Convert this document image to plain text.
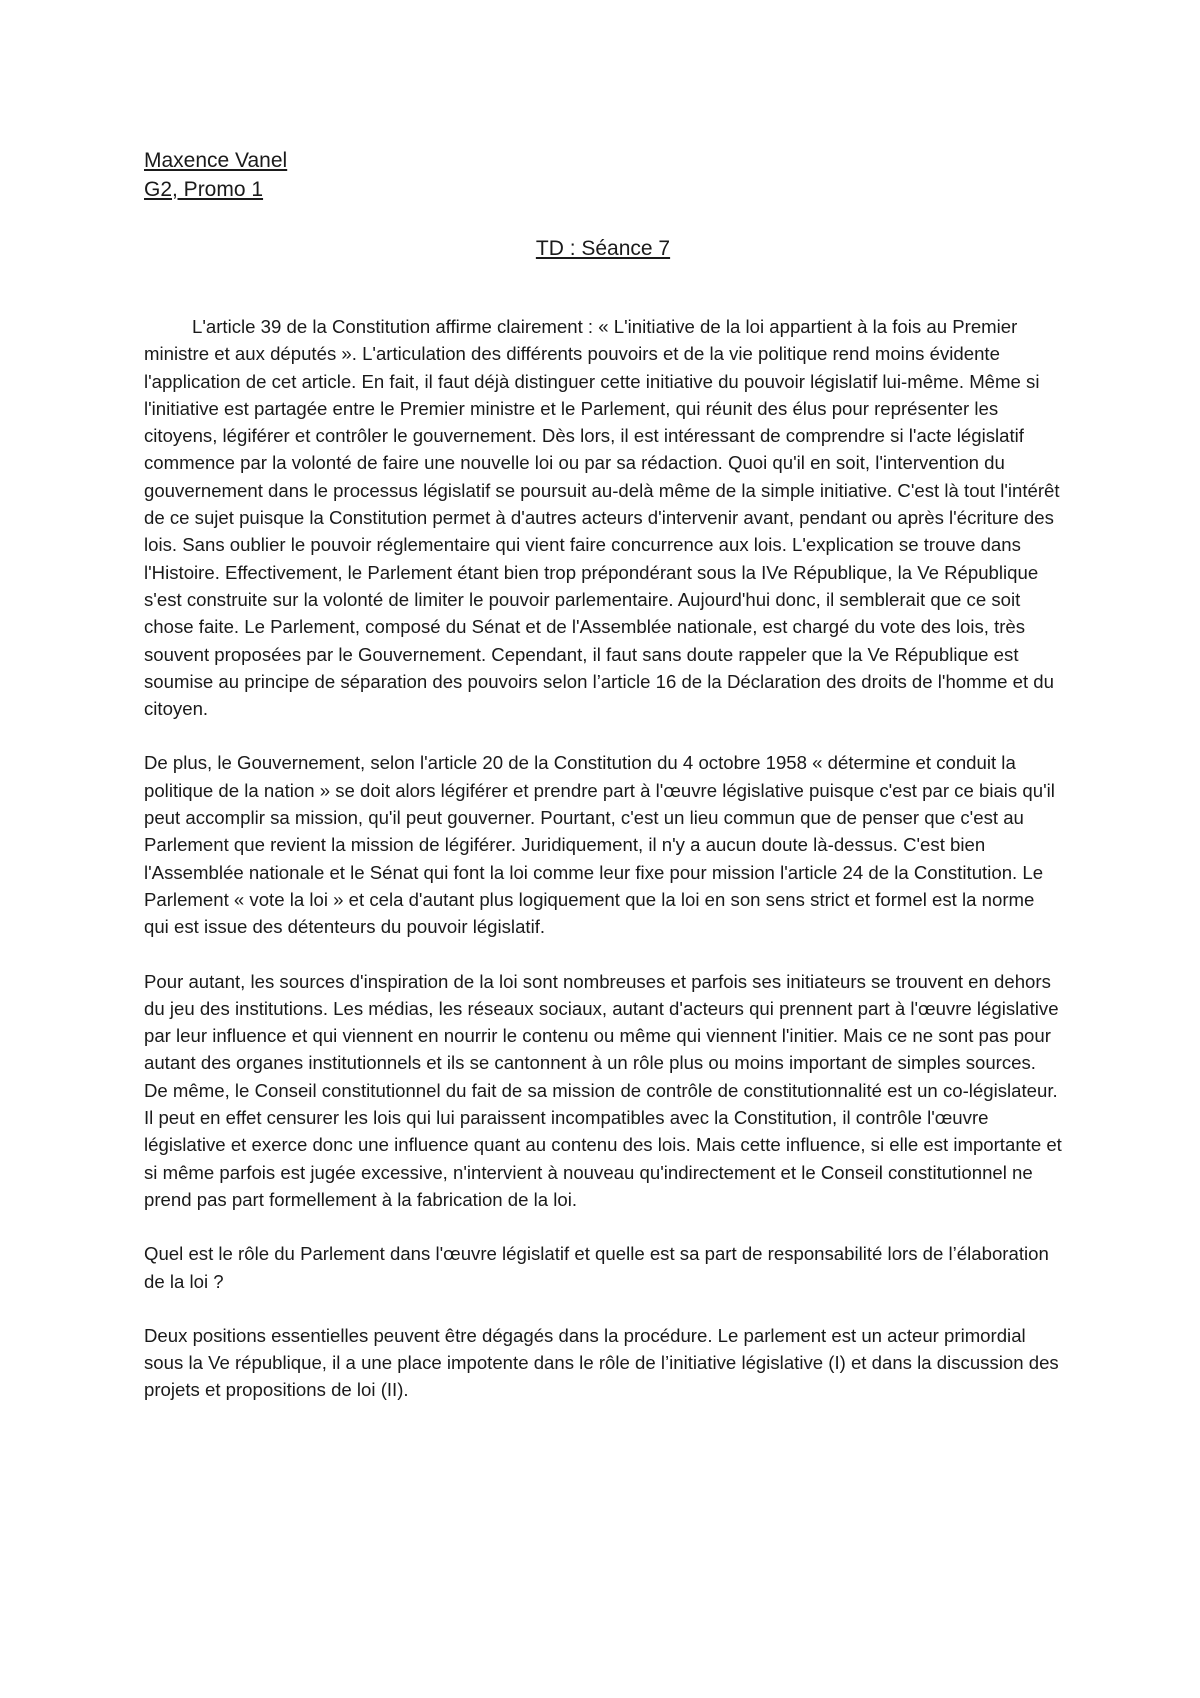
Maxence Vanel

G2, Promo 1

TD : Séance 7

L'article 39 de la Constitution affirme clairement : « L'initiative de la loi appartient à la fois au Premier ministre et aux députés ». L'articulation des différents pouvoirs et de la vie politique rend moins évidente l'application de cet article. En fait, il faut déjà distinguer cette initiative du pouvoir législatif lui-même. Même si l'initiative est partagée entre le Premier ministre et le Parlement, qui réunit des élus pour représenter les citoyens, légiférer et contrôler le gouvernement. Dès lors, il est intéressant de comprendre si l'acte législatif commence par la volonté de faire une nouvelle loi ou par sa rédaction. Quoi qu'il en soit, l'intervention du gouvernement dans le processus législatif se poursuit au-delà même de la simple initiative. C'est là tout l'intérêt de ce sujet puisque la Constitution permet à d'autres acteurs d'intervenir avant, pendant ou après l'écriture des lois. Sans oublier le pouvoir réglementaire qui vient faire concurrence aux lois. L'explication se trouve dans l'Histoire. Effectivement, le Parlement étant bien trop prépondérant sous la IVe République, la Ve République s'est construite sur la volonté de limiter le pouvoir parlementaire. Aujourd'hui donc, il semblerait que ce soit chose faite. Le Parlement, composé du Sénat et de l'Assemblée nationale, est chargé du vote des lois, très souvent proposées par le Gouvernement. Cependant, il faut sans doute rappeler que la Ve République est soumise au principe de séparation des pouvoirs selon l’article 16 de la Déclaration des droits de l'homme et du citoyen.

De plus, le Gouvernement, selon l'article 20 de la Constitution du 4 octobre 1958 « détermine et conduit la politique de la nation » se doit alors légiférer et prendre part à l'œuvre législative puisque c'est par ce biais qu'il peut accomplir sa mission, qu'il peut gouverner. Pourtant, c'est un lieu commun que de penser que c'est au Parlement que revient la mission de légiférer. Juridiquement, il n'y a aucun doute là-dessus. C'est bien l'Assemblée nationale et le Sénat qui font la loi comme leur fixe pour mission l'article 24 de la Constitution. Le Parlement « vote la loi » et cela d'autant plus logiquement que la loi en son sens strict et formel est la norme qui est issue des détenteurs du pouvoir législatif.

Pour autant, les sources d'inspiration de la loi sont nombreuses et parfois ses initiateurs se trouvent en dehors du jeu des institutions. Les médias, les réseaux sociaux, autant d'acteurs qui prennent part à l'œuvre législative par leur influence et qui viennent en nourrir le contenu ou même qui viennent l'initier. Mais ce ne sont pas pour autant des organes institutionnels et ils se cantonnent à un rôle plus ou moins important de simples sources. De même, le Conseil constitutionnel du fait de sa mission de contrôle de constitutionnalité est un co-législateur. Il peut en effet censurer les lois qui lui paraissent incompatibles avec la Constitution, il contrôle l'œuvre législative et exerce donc une influence quant au contenu des lois. Mais cette influence, si elle est importante et si même parfois est jugée excessive, n'intervient à nouveau qu'indirectement et le Conseil constitutionnel ne prend pas part formellement à la fabrication de la loi.

Quel est le rôle du Parlement dans l'œuvre législatif et quelle est sa part de responsabilité lors de l’élaboration de la loi ?

Deux positions essentielles peuvent être dégagés dans la procédure. Le parlement est un acteur primordial sous la Ve république, il a une place impotente dans le rôle de l’initiative législative (I) et dans la discussion des projets et propositions de loi (II).
